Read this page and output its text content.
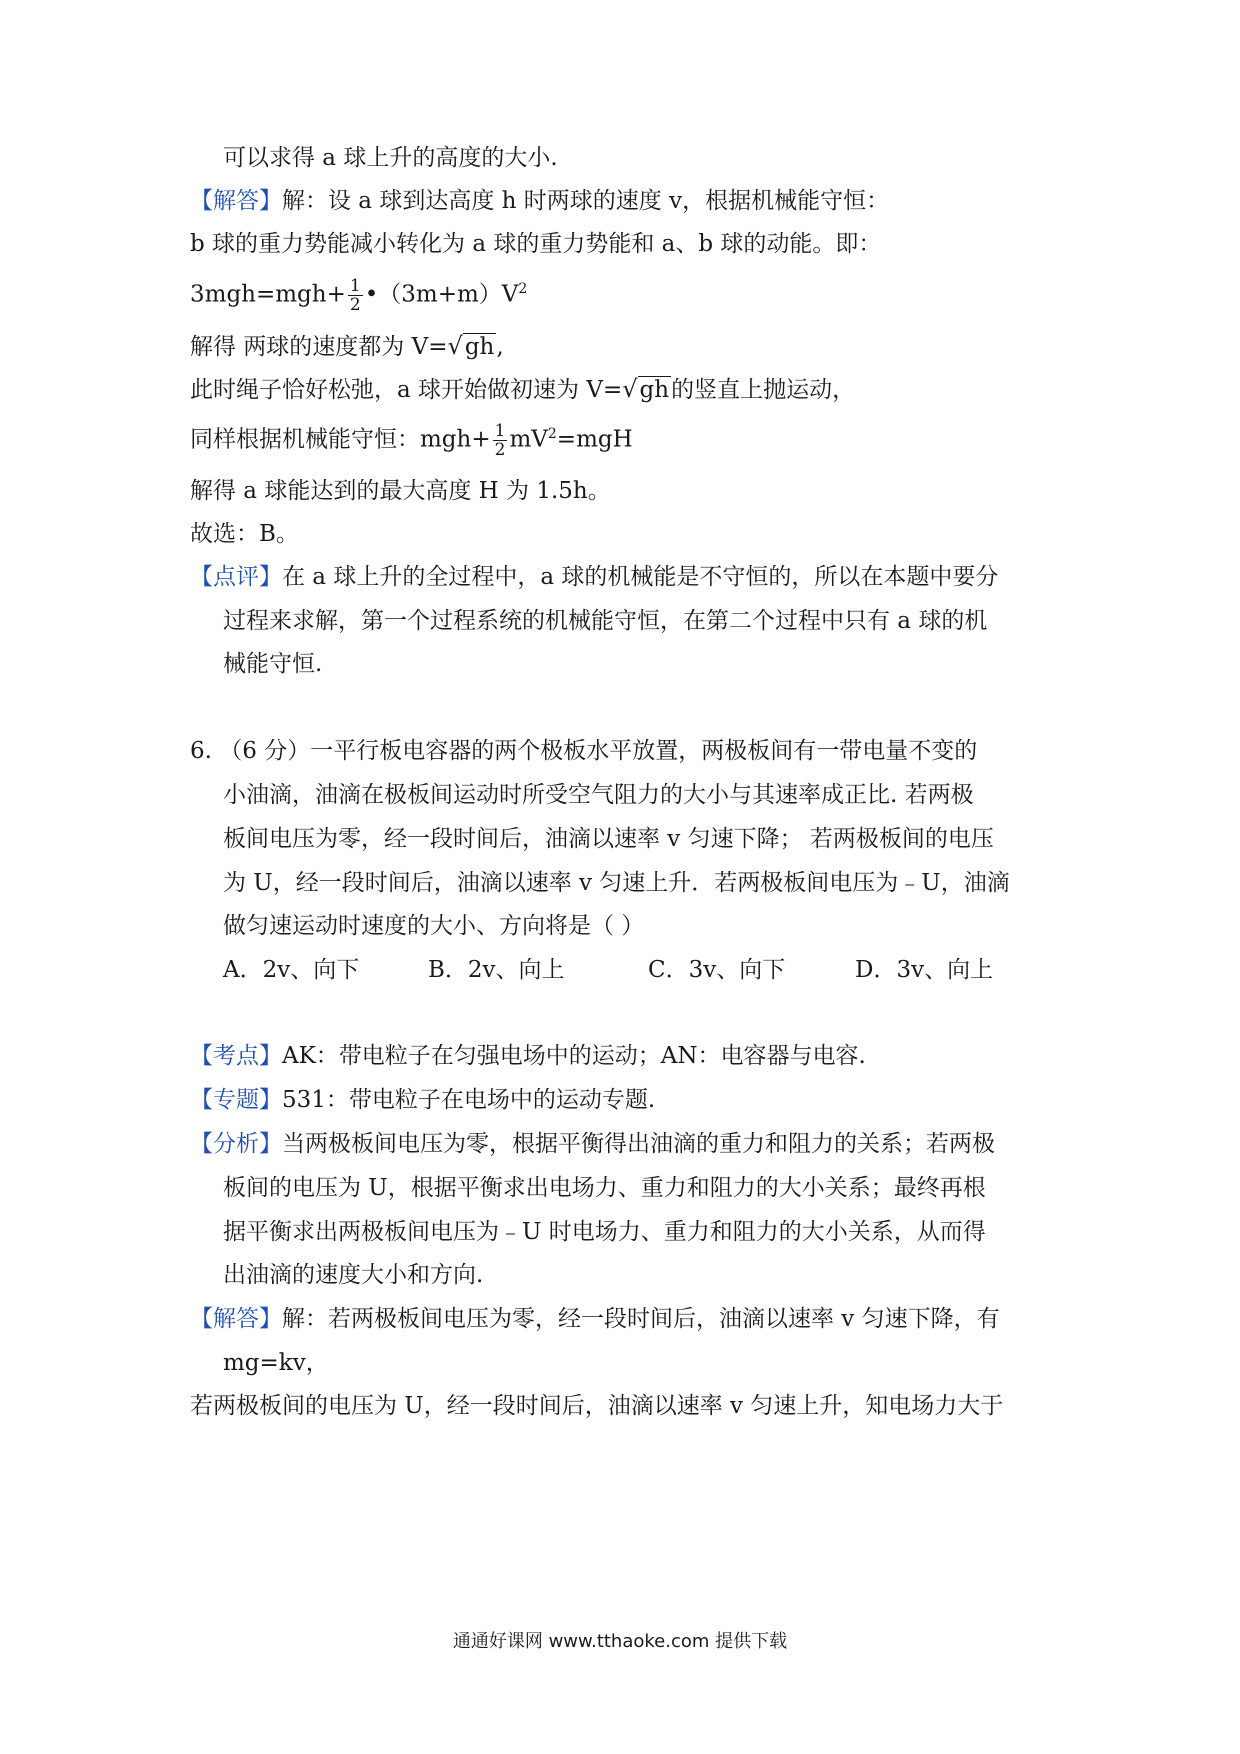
可以求得 a 球上升的高度的大小.
【解答】解：设 a 球到达高度 h 时两球的速度 v，根据机械能守恒：
b 球的重力势能减小转化为 a 球的重力势能和 a、b 球的动能。即：
$3mgh=mgh+ \frac{1}{2}$ $•(3m+m)V^2$
解得 两球的速度都为 V=√gh,
此时绳子恰好松弛，a 球开始做初速为 V=√gh的竖直上抛运动，
同样根据机械能守恒：$mgh+ \frac{1}{2} mV^2=mgH$
解得 a 球能达到的最大高度 H 为 1.5h。
故选：B。
【点评】在 a 球上升的全过程中，a 球的机械能是不守恒的，所以在本题中要分
过程来求解，第一个过程系统的机械能守恒，在第二个过程中只有 a 球的机
械能守恒.
6. （6 分）一平行板电容器的两个极板水平放置，两极板间有一带电量不变的
小油滴，油滴在极板间运动时所受空气阻力的大小与其速率成正比. 若两极
板间电压为零，经一段时间后，油滴以速率 v 匀速下降； 若两极板间的电压
为 U，经一段时间后，油滴以速率 v 匀速上升．若两极板间电压为﹣U，油滴
做匀速运动时速度的大小、方向将是（ ）
A．2v、向下	B．2v、向上	C．3v、向下	D．3v、向上
【考点】AK：带电粒子在匀强电场中的运动；AN：电容器与电容.
【专题】531：带电粒子在电场中的运动专题.
【分析】当两极板间电压为零，根据平衡得出油滴的重力和阻力的关系；若两极
板间的电压为 U，根据平衡求出电场力、重力和阻力的大小关系；最终再根
据平衡求出两极板间电压为﹣U 时电场力、重力和阻力的大小关系，从而得
出油滴的速度大小和方向.
【解答】解：若两极板间电压为零，经一段时间后，油滴以速率 v 匀速下降，有
mg=kv，
若两极板间的电压为 U，经一段时间后，油滴以速率 v 匀速上升，知电场力大于
通通好课网 www.tthaoke.com 提供下载
